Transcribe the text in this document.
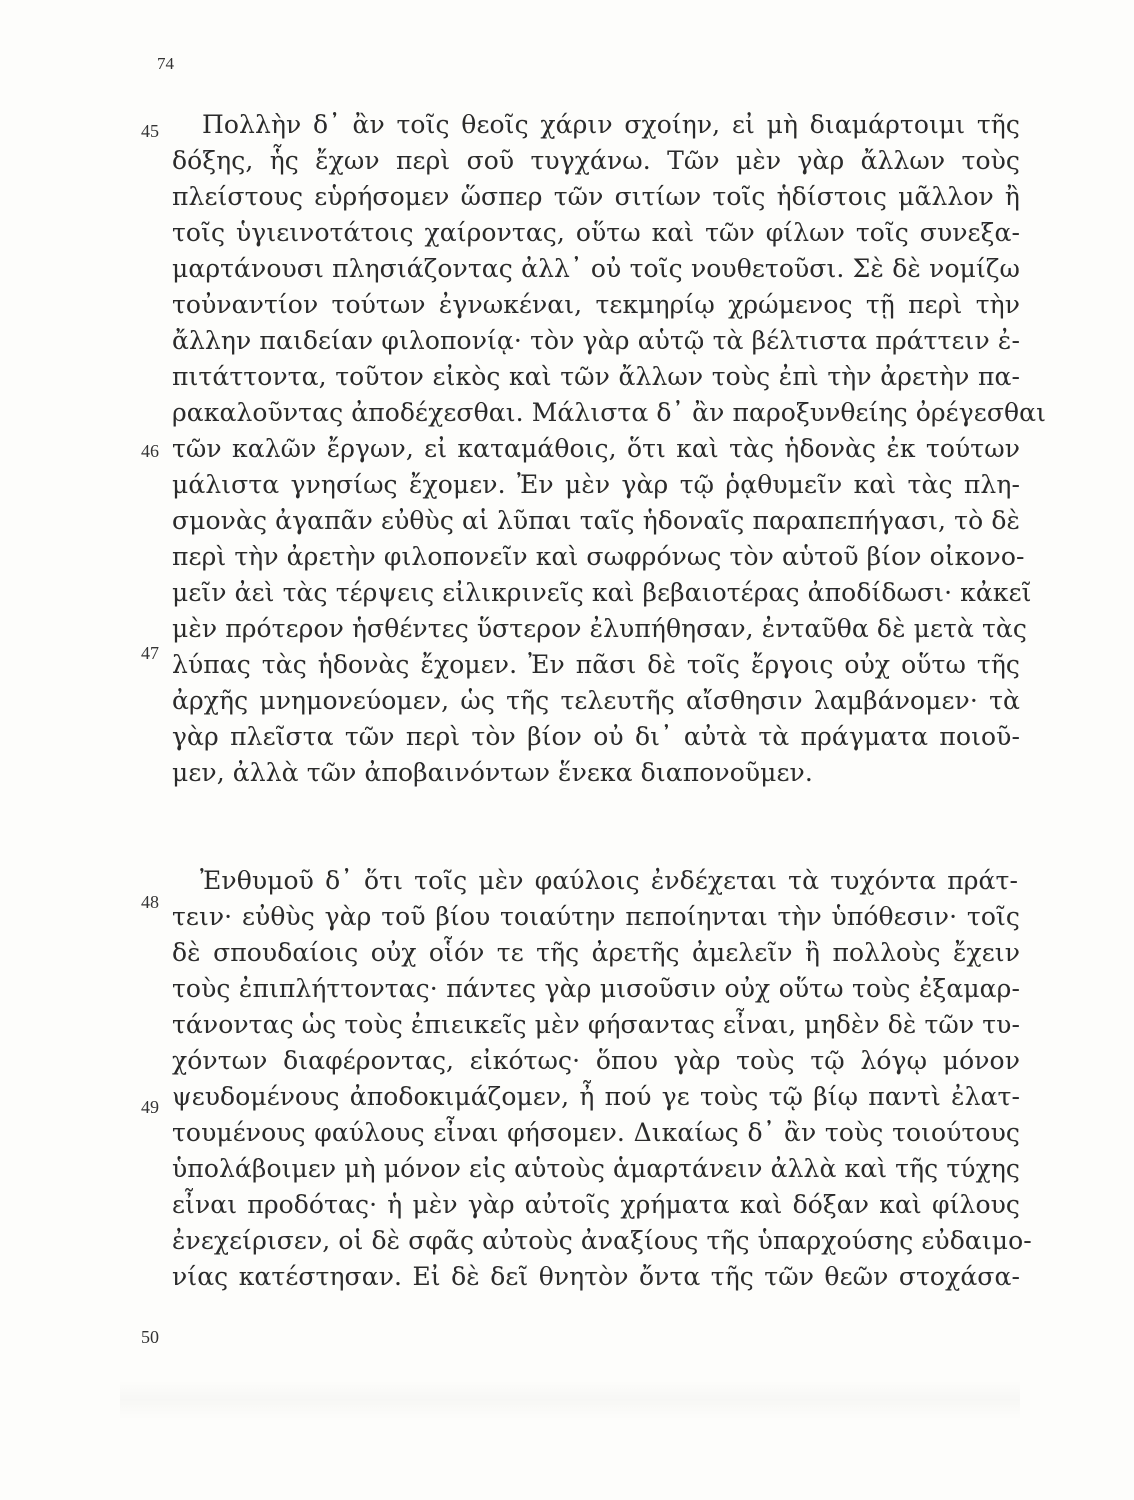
74
45
46
47
48
49
50
Πολλὴν δ᾽ ἂν τοῖς θεοῖς χάριν σχοίην, εἰ μὴ διαμάρτοιμι τῆς
δόξης, ἧς ἔχων περὶ σοῦ τυγχάνω. Τῶν μὲν γὰρ ἄλλων τοὺς
πλείστους εὑρήσομεν ὥσπερ τῶν σιτίων τοῖς ἡδίστοις μᾶλλον ἢ
τοῖς ὑγιεινοτάτοις χαίροντας, οὕτω καὶ τῶν φίλων τοῖς συνεξα-
μαρτάνουσι πλησιάζοντας ἀλλ᾽ οὐ τοῖς νουθετοῦσι. Σὲ δὲ νομίζω
τοὐναντίον τούτων ἐγνωκέναι, τεκμηρίῳ χρώμενος τῇ περὶ τὴν
ἄλλην παιδείαν φιλοπονίᾳ· τὸν γὰρ αὑτῷ τὰ βέλτιστα πράττειν ἐ-
πιτάττοντα, τοῦτον εἰκὸς καὶ τῶν ἄλλων τοὺς ἐπὶ τὴν ἀρετὴν πα-
ρακαλοῦντας ἀποδέχεσθαι. Μάλιστα δ᾽ ἂν παροξυνθείης ὀρέγεσθαι
τῶν καλῶν ἔργων, εἰ καταμάθοις, ὅτι καὶ τὰς ἡδονὰς ἐκ τούτων
μάλιστα γνησίως ἔχομεν. Ἐν μὲν γὰρ τῷ ῥᾳθυμεῖν καὶ τὰς πλη-
σμονὰς ἀγαπᾶν εὐθὺς αἱ λῦπαι ταῖς ἡδοναῖς παραπεπήγασι, τὸ δὲ
περὶ τὴν ἀρετὴν φιλοπονεῖν καὶ σωφρόνως τὸν αὑτοῦ βίον οἰκονο-
μεῖν ἀεὶ τὰς τέρψεις εἰλικρινεῖς καὶ βεβαιοτέρας ἀποδίδωσι· κἀκεῖ
μὲν πρότερον ἡσθέντες ὕστερον ἐλυπήθησαν, ἐνταῦθα δὲ μετὰ τὰς
λύπας τὰς ἡδονὰς ἔχομεν. Ἐν πᾶσι δὲ τοῖς ἔργοις οὐχ οὕτω τῆς
ἀρχῆς μνημονεύομεν, ὡς τῆς τελευτῆς αἴσθησιν λαμβάνομεν· τὰ
γὰρ πλεῖστα τῶν περὶ τὸν βίον οὐ δι᾽ αὐτὰ τὰ πράγματα ποιοῦ-
μεν, ἀλλὰ τῶν ἀποβαινόντων ἕνεκα διαπονοῦμεν.
Ἐνθυμοῦ δ᾽ ὅτι τοῖς μὲν φαύλοις ἐνδέχεται τὰ τυχόντα πράτ-
τειν· εὐθὺς γὰρ τοῦ βίου τοιαύτην πεποίηνται τὴν ὑπόθεσιν· τοῖς
δὲ σπουδαίοις οὐχ οἷόν τε τῆς ἀρετῆς ἀμελεῖν ἢ πολλοὺς ἔχειν
τοὺς ἐπιπλήττοντας· πάντες γὰρ μισοῦσιν οὐχ οὕτω τοὺς ἐξαμαρ-
τάνοντας ὡς τοὺς ἐπιεικεῖς μὲν φήσαντας εἶναι, μηδὲν δὲ τῶν τυ-
χόντων διαφέροντας, εἰκότως· ὅπου γὰρ τοὺς τῷ λόγῳ μόνον
ψευδομένους ἀποδοκιμάζομεν, ἦ πού γε τοὺς τῷ βίῳ παντὶ ἐλατ-
τουμένους φαύλους εἶναι φήσομεν. Δικαίως δ᾽ ἂν τοὺς τοιούτους
ὑπολάβοιμεν μὴ μόνον εἰς αὑτοὺς ἁμαρτάνειν ἀλλὰ καὶ τῆς τύχης
εἶναι προδότας· ἡ μὲν γὰρ αὐτοῖς χρήματα καὶ δόξαν καὶ φίλους
ἐνεχείρισεν, οἱ δὲ σφᾶς αὐτοὺς ἀναξίους τῆς ὑπαρχούσης εὐδαιμο-
νίας κατέστησαν. Εἰ δὲ δεῖ θνητὸν ὄντα τῆς τῶν θεῶν στοχάσα-
